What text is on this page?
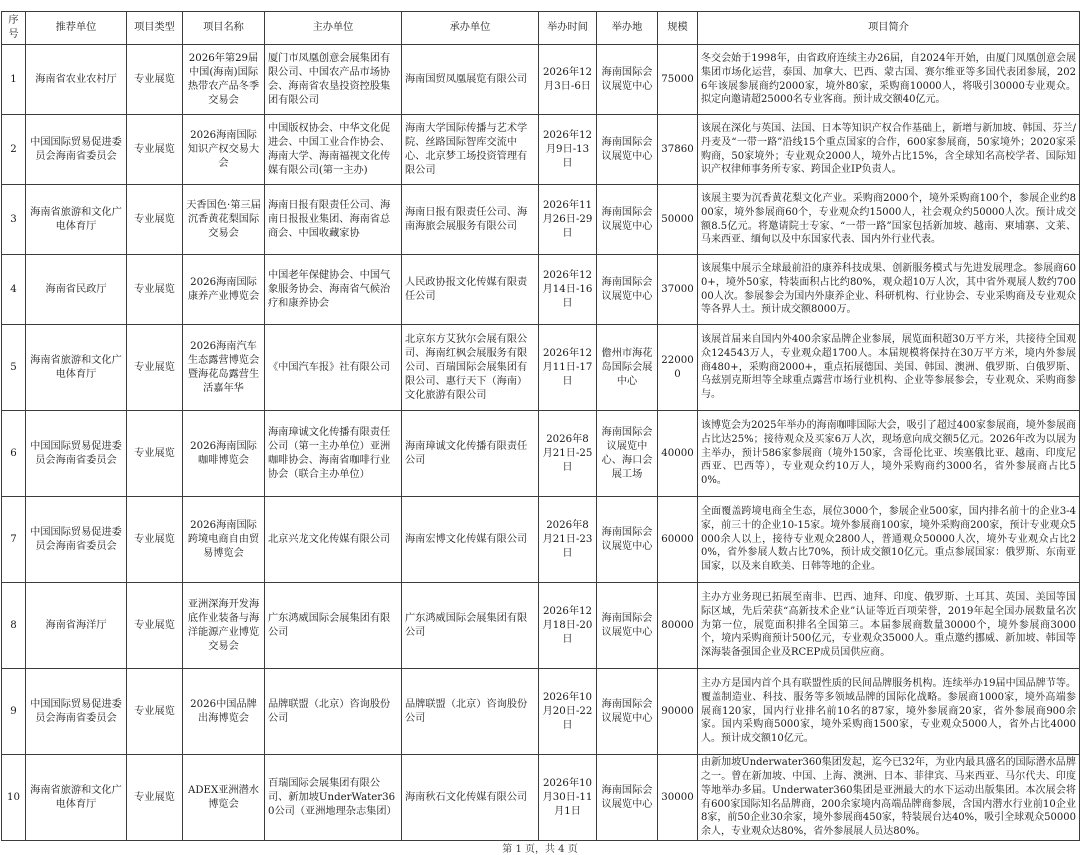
序号	推荐单位	项目类型	项目名称	主办单位	承办单位	举办时间	举办地	规模	项目简介
1	海南省农业农村厅	专业展览	2026年第29届中国(海南)国际热带农产品冬季交易会	厦门市凤凰创意会展集团有限公司、中国农产品市场协会、海南省农垦投资控股集团有限公司	海南国贸凤凰展览有限公司	2026年12月3日-6日	海南国际会议展览中心	75000	冬交会始于1998年，由省政府连续主办26届，自2024年开始，由厦门凤凰创意会展集团市场化运营，泰国、加拿大、巴西、蒙古国、赛尔维亚等多国代表团参展，2026年该展参展商约2000家，境外80家，采购商10000人，将吸引30000专业观众。拟定向邀请超25000名专业客商。预计成交额40亿元。
2	中国国际贸易促进委员会海南省委员会	专业展览	2026海南国际知识产权交易大会	中国版权协会、中华文化促进会、中国工业合作协会、海南大学、海南福视文化传媒有限公司(第一主办)	海南大学国际传播与艺术学院、丝路国际智库交流中心、北京梦工场投资管理有限公司	2026年12月9日-13日	海南国际会议展览中心	37860	该展在深化与英国、法国、日本等知识产权合作基础上，新增与新加坡、韩国、芬兰/丹麦及“一带一路”沿线15个重点国家的合作，600家参展商，50家境外；2020家采购商，50家境外；专业观众2000人，境外占比15%，含全球知名高校学者、国际知识产权律师事务所专家、跨国企业IP负责人。
3	海南省旅游和文化广电体育厅	专业展览	天香国色·第三届沉香黄花梨国际交易会	海南日报有限责任公司、海南日报报业集团、海南省总商会、中国收藏家协	海南日报有限责任公司、海南海旅会展服务有限公司	2026年11月26日-29日	海南国际会议展览中心	50000	该展主要为沉香黄花梨文化产业。采购商2000个，境外采购商100个，参展企业约800家，境外参展商60个，专业观众约15000人，社会观众约50000人次。预计成交额8.5亿元。将邀请院士专家、“一带一路”国家包括新加坡、越南、柬埔寨、文莱、马来西亚、缅甸以及中东国家代表、国内外行业代表。
4	海南省民政厅	专业展览	2026海南国际康养产业博览会	中国老年保健协会、中国气象服务协会、海南省气候治疗和康养协会	人民政协报文化传媒有限责任公司	2026年12月14日-16日	海南国际会议展览中心	37000	该展集中展示全球最前沿的康养科技成果、创新服务模式与先进发展理念。参展商600+，境外50家，特装面积占比约80%，观众超10万人次，其中省外观展人数约70000人次。参展参会为国内外康养企业、科研机构、行业协会、专业采购商及专业观众等各界人士。预计成交额8000万。
5	海南省旅游和文化广电体育厅	专业展览	2026海南汽车生态露营博览会暨海花岛露营生活嘉年华	《中国汽车报》社有限公司	北京东方艾狄尔会展有限公司、海南红枫会展服务有限公司、百瑞国际会展集团有限公司、惠行天下（海南）文化旅游有限公司	2026年12月11日-17日	儋州市海花岛国际会展中心	220000	该展首届来自国内外400余家品牌企业参展，展览面积超30万平方米，共接待全国观众124543万人，专业观众超1700人。本届规模将保持在30万平方米，境内外参展商480+，采购商2000+，重点拓展德国、美国、韩国、澳洲、俄罗斯、白俄罗斯、乌兹别克斯坦等全球重点露营市场行业机构、企业等参展参会，专业观众、采购商参与。
6	中国国际贸易促进委员会海南省委员会	专业展览	2026海南国际咖啡博览会	海南璋诚文化传播有限责任公司（第一主办单位）亚洲咖啡协会、海南省咖啡行业协会（联合主办单位）	海南璋诚文化传播有限责任公司	2026年8月21日-25日	海南国际会议展览中心、海口会展工场	40000	该博览会为2025年举办的海南咖啡国际大会，吸引了超过400家参展商，境外参展商占比达25%；接待观众及买家6万人次，现场意向成交额5亿元。2026年改为以展为主举办，预计586家参展商（境外150家，含哥伦比亚、埃塞俄比亚、越南、印度尼西亚、巴西等），专业观众约10万人，境外采购商约3000名，省外参展商占比50%。
7	中国国际贸易促进委员会海南省委员会	专业展览	2026海南国际跨境电商自由贸易博览会	北京兴龙文化传媒有限公司	海南宏博文化传媒有限公司	2026年8月21日-23日	海南国际会议展览中心	60000	全面覆盖跨境电商全生态，展位3000个，参展企业500家，国内排名前十的企业3-4家，前三十的企业10-15家。境外参展商100家，境外采购商200家，预计专业观众5000余人以上，接待专业观众2800人，普通观众50000人次，境外专业观众占比20%，省外参展人数占比70%，预计成交额10亿元。重点参展国家：俄罗斯、东南亚国家，以及来自欧美、日韩等地的企业。
8	海南省海洋厅	专业展览	亚洲深海开发海底作业装备与海洋能源产业博览交易会	广东鸿威国际会展集团有限公司	广东鸿威国际会展集团有限公司	2026年12月18日-20日	海南国际会议展览中心	80000	主办方业务现已拓展至南非、巴西、迪拜、印度、俄罗斯、土耳其、英国、美国等国际区域，先后荣获“高新技术企业”认证等近百项荣誉，2019年起全国办展数量名次为第一位，展览面积排名全国第三。本届参展商数量30000个，境外参展商3000个，境内采购商预计500亿元，专业观众35000人。重点邀约挪威、新加坡、韩国等深海装备强国企业及RCEP成员国供应商。
9	中国国际贸易促进委员会海南省委员会	专业展览	2026中国品牌出海博览会	品牌联盟（北京）咨询股份公司	品牌联盟（北京）咨询股份公司	2026年10月20日-22日	海南国际会议展览中心	90000	主办方是国内首个具有联盟性质的民间品牌服务机构。连续举办19届中国品牌节等。覆盖制造业、科技、服务等多领域品牌的国际化战略。参展商1000家，境外高端参展商120家，国内行业排名前10名的87家，境外参展商20家，省外参展商900余家。国内采购商5000家，境外采购商1500家，专业观众5000人，省外占比4000人。预计成交额10亿元。
10	海南省旅游和文化广电体育厅	专业展览	ADEX亚洲潜水博览会	百瑞国际会展集团有限公司、新加坡UnderWater360公司（亚洲地理杂志集团）	海南秋石文化传媒有限公司	2026年10月30日-11月1日	海南国际会议展览中心	30000	由新加坡Underwater360集团发起，迄今已32年，为业内最具盛名的国际潜水品牌之一。曾在新加坡、中国、上海、澳洲、日本、菲律宾、马来西亚、马尔代夫、印度等地举办多届。Underwater360集团是亚洲最大的水下运动出版集团。本次展会将有600家国际知名品牌商，200余家境内高端品牌商参展，含国内潜水行业前10企业8家，前50企业30余家，境外参展商450家，特装展台达40%，吸引全球观众50000余人，专业观众达80%，省外参展展人员达80%。
第 1 页，共 4 页
